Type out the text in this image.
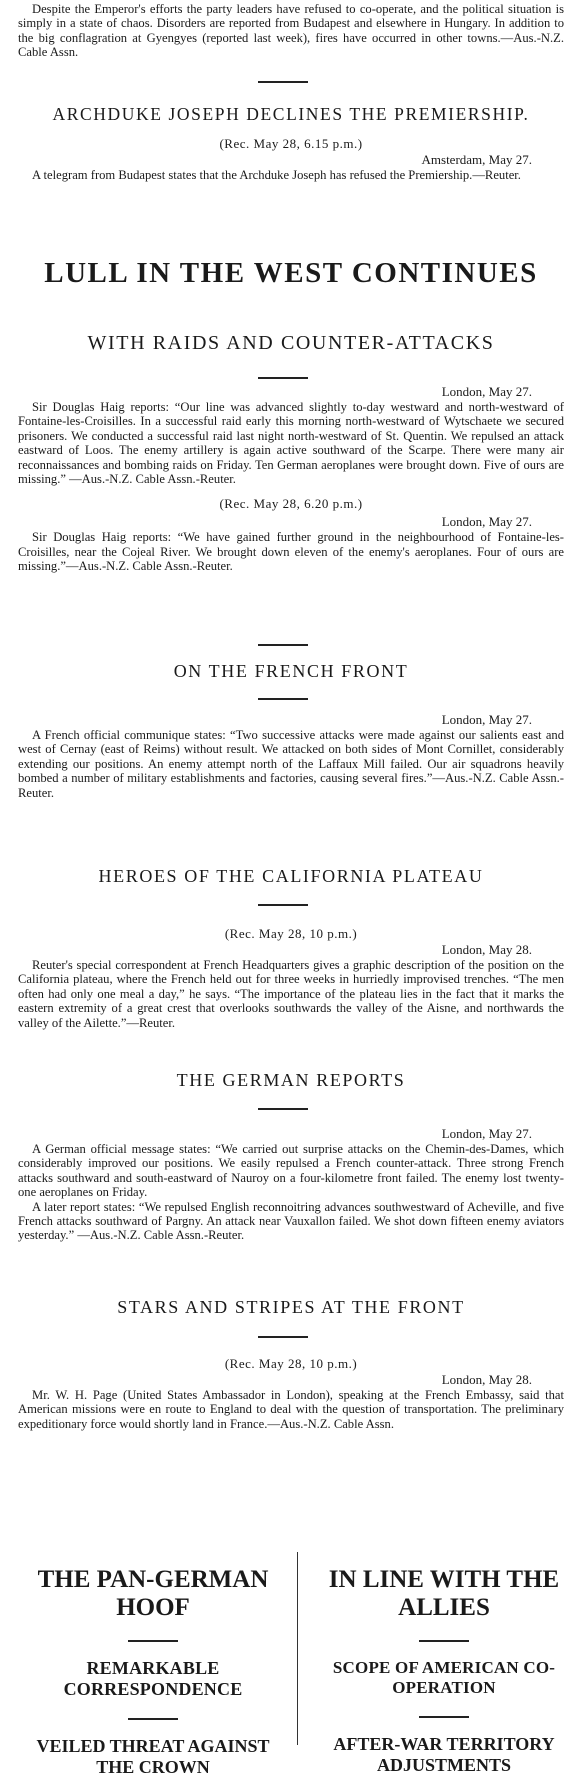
Despite the Emperor's efforts the party leaders have refused to co-operate, and the political situation is simply in a state of chaos. Disorders are reported from Budapest and elsewhere in Hungary. In addition to the big conflagration at Gyengyes (reported last week), fires have occurred in other towns.—Aus.-N.Z. Cable Assn.

ARCHDUKE JOSEPH DECLINES THE PREMIERSHIP.

(Rec. May 28, 6.15 p.m.)

Amsterdam, May 27.

A telegram from Budapest states that the Archduke Joseph has refused the Premiership.—Reuter.

LULL IN THE WEST CONTINUES

WITH RAIDS AND COUNTER-ATTACKS

London, May 27.

Sir Douglas Haig reports: “Our line was advanced slightly to-day westward and north-westward of Fontaine-les-Croisilles. In a successful raid early this morning north-westward of Wytschaete we secured prisoners. We conducted a successful raid last night north-westward of St. Quentin. We repulsed an attack eastward of Loos. The enemy artillery is again active southward of the Scarpe. There were many air reconnaissances and bombing raids on Friday. Ten German aeroplanes were brought down. Five of ours are missing.” —Aus.-N.Z. Cable Assn.-Reuter.

(Rec. May 28, 6.20 p.m.)

London, May 27.

Sir Douglas Haig reports: “We have gained further ground in the neighbourhood of Fontaine-les-Croisilles, near the Cojeal River. We brought down eleven of the enemy's aeroplanes. Four of ours are missing.”—Aus.-N.Z. Cable Assn.-Reuter.

ON THE FRENCH FRONT

London, May 27.

A French official communique states: “Two successive attacks were made against our salients east and west of Cernay (east of Reims) without result. We attacked on both sides of Mont Cornillet, considerably extending our positions. An enemy attempt north of the Laffaux Mill failed. Our air squadrons heavily bombed a number of military establishments and factories, causing several fires.”—Aus.-N.Z. Cable Assn.-Reuter.

HEROES OF THE CALIFORNIA PLATEAU

(Rec. May 28, 10 p.m.)

London, May 28.

Reuter's special correspondent at French Headquarters gives a graphic description of the position on the California plateau, where the French held out for three weeks in hurriedly improvised trenches. “The men often had only one meal a day,” he says. “The importance of the plateau lies in the fact that it marks the eastern extremity of a great crest that overlooks southwards the valley of the Aisne, and northwards the valley of the Ailette.”—Reuter.

THE GERMAN REPORTS

London, May 27.

A German official message states: “We carried out surprise attacks on the Chemin-des-Dames, which considerably improved our positions. We easily repulsed a French counter-attack. Three strong French attacks southward and south-eastward of Nauroy on a four-kilometre front failed. The enemy lost twenty-one aeroplanes on Friday.

A later report states: “We repulsed English reconnoitring advances southwestward of Acheville, and five French attacks southward of Pargny. An attack near Vauxallon failed. We shot down fifteen enemy aviators yesterday.” —Aus.-N.Z. Cable Assn.-Reuter.

STARS AND STRIPES AT THE FRONT

(Rec. May 28, 10 p.m.)

London, May 28.

Mr. W. H. Page (United States Ambassador in London), speaking at the French Embassy, said that American missions were en route to England to deal with the question of transportation. The preliminary expeditionary force would shortly land in France.—Aus.-N.Z. Cable Assn.

THE PAN-GERMAN HOOF

REMARKABLE CORRESPONDENCE

VEILED THREAT AGAINST THE CROWN

IN LINE WITH THE ALLIES

SCOPE OF AMERICAN CO-OPERATION

AFTER-WAR TERRITORY ADJUSTMENTS
